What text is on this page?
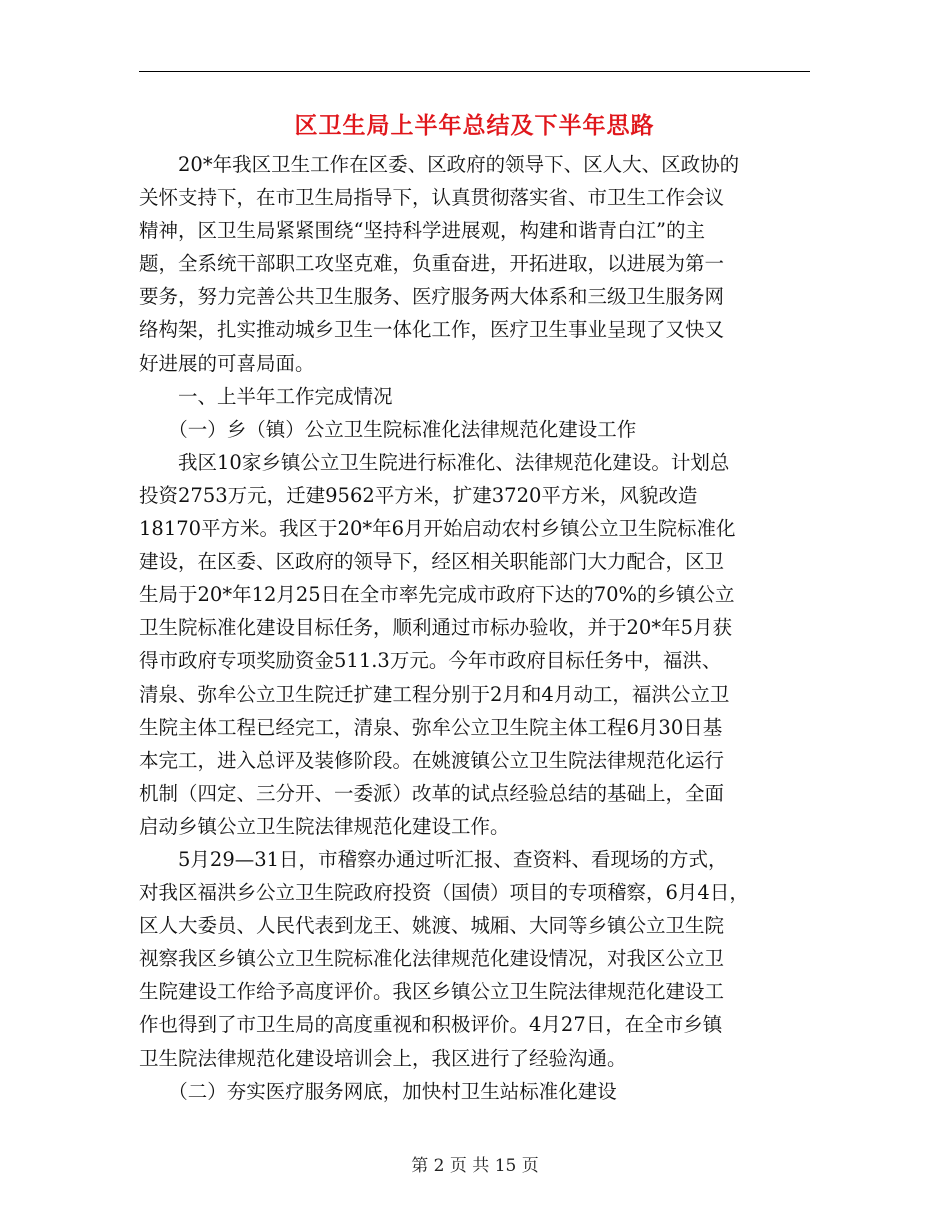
区卫生局上半年总结及下半年思路
　　20*年我区卫生工作在区委、区政府的领导下、区人大、区政协的
关怀支持下，在市卫生局指导下，认真贯彻落实省、市卫生工作会议
精神，区卫生局紧紧围绕“坚持科学进展观，构建和谐青白江”的主
题，全系统干部职工攻坚克难，负重奋进，开拓进取，以进展为第一
要务，努力完善公共卫生服务、医疗服务两大体系和三级卫生服务网
络构架，扎实推动城乡卫生一体化工作，医疗卫生事业呈现了又快又
好进展的可喜局面。
　　一、上半年工作完成情况
　　（一）乡（镇）公立卫生院标准化法律规范化建设工作
　　我区10家乡镇公立卫生院进行标准化、法律规范化建设。计划总
投资2753万元，迁建9562平方米，扩建3720平方米，风貌改造
18170平方米。我区于20*年6月开始启动农村乡镇公立卫生院标准化
建设，在区委、区政府的领导下，经区相关职能部门大力配合，区卫
生局于20*年12月25日在全市率先完成市政府下达的70%的乡镇公立
卫生院标准化建设目标任务，顺利通过市标办验收，并于20*年5月获
得市政府专项奖励资金511.3万元。今年市政府目标任务中，福洪、
清泉、弥牟公立卫生院迁扩建工程分别于2月和4月动工，福洪公立卫
生院主体工程已经完工，清泉、弥牟公立卫生院主体工程6月30日基
本完工，进入总评及装修阶段。在姚渡镇公立卫生院法律规范化运行
机制（四定、三分开、一委派）改革的试点经验总结的基础上，全面
启动乡镇公立卫生院法律规范化建设工作。
　　5月29—31日，市稽察办通过听汇报、查资料、看现场的方式，
对我区福洪乡公立卫生院政府投资（国债）项目的专项稽察，6月4日，
区人大委员、人民代表到龙王、姚渡、城厢、大同等乡镇公立卫生院
视察我区乡镇公立卫生院标准化法律规范化建设情况，对我区公立卫
生院建设工作给予高度评价。我区乡镇公立卫生院法律规范化建设工
作也得到了市卫生局的高度重视和积极评价。4月27日，在全市乡镇
卫生院法律规范化建设培训会上，我区进行了经验沟通。
　　（二）夯实医疗服务网底，加快村卫生站标准化建设
第 2 页 共 15 页
